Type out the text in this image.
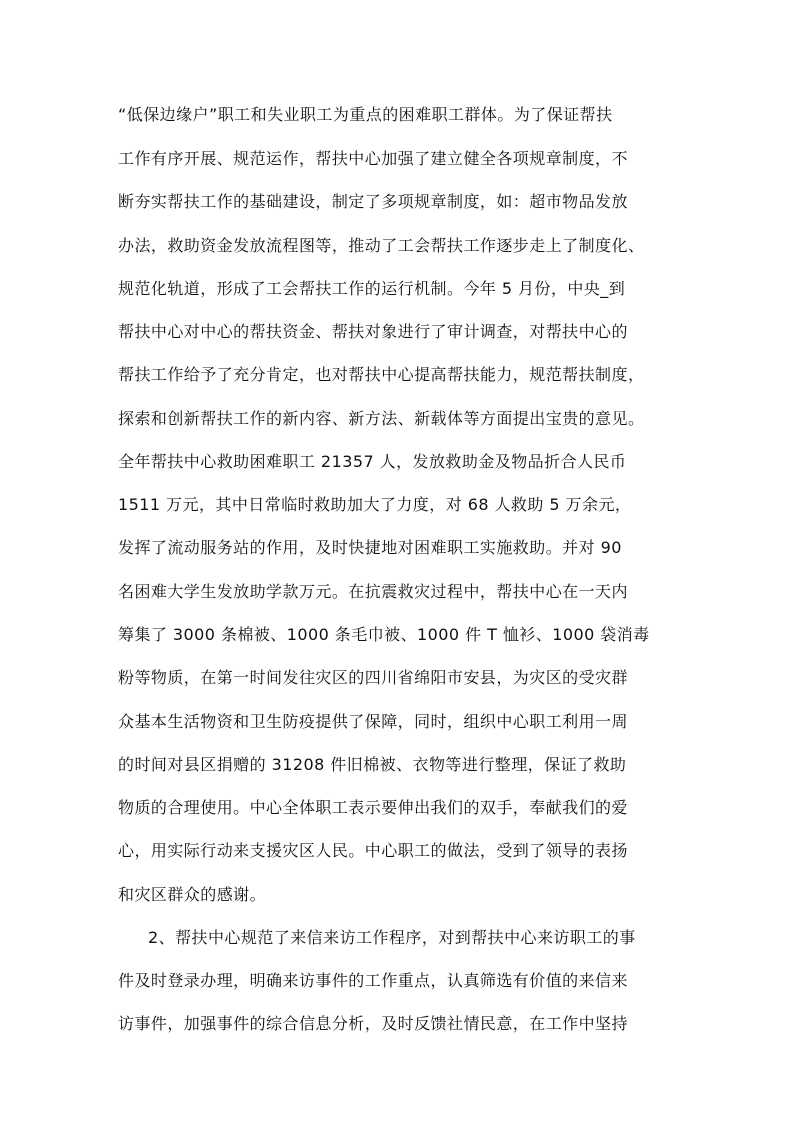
“低保边缘户”职工和失业职工为重点的困难职工群体。为了保证帮扶
工作有序开展、规范运作，帮扶中心加强了建立健全各项规章制度，不
断夯实帮扶工作的基础建设，制定了多项规章制度，如：超市物品发放
办法，救助资金发放流程图等，推动了工会帮扶工作逐步走上了制度化、
规范化轨道，形成了工会帮扶工作的运行机制。今年 5 月份，中央_到
帮扶中心对中心的帮扶资金、帮扶对象进行了审计调查，对帮扶中心的
帮扶工作给予了充分肯定，也对帮扶中心提高帮扶能力，规范帮扶制度，
探索和创新帮扶工作的新内容、新方法、新载体等方面提出宝贵的意见。
全年帮扶中心救助困难职工 21357 人，发放救助金及物品折合人民币
1511 万元，其中日常临时救助加大了力度，对 68 人救助 5 万余元，
发挥了流动服务站的作用，及时快捷地对困难职工实施救助。并对 90
名困难大学生发放助学款万元。在抗震救灾过程中，帮扶中心在一天内
筹集了 3000 条棉被、1000 条毛巾被、1000 件 T 恤衫、1000 袋消毒
粉等物质，在第一时间发往灾区的四川省绵阳市安县，为灾区的受灾群
众基本生活物资和卫生防疫提供了保障，同时，组织中心职工利用一周
的时间对县区捐赠的 31208 件旧棉被、衣物等进行整理，保证了救助
物质的合理使用。中心全体职工表示要伸出我们的双手，奉献我们的爱
心，用实际行动来支援灾区人民。中心职工的做法，受到了领导的表扬
和灾区群众的感谢。
2、帮扶中心规范了来信来访工作程序，对到帮扶中心来访职工的事
件及时登录办理，明确来访事件的工作重点，认真筛选有价值的来信来
访事件，加强事件的综合信息分析，及时反馈社情民意，在工作中坚持
